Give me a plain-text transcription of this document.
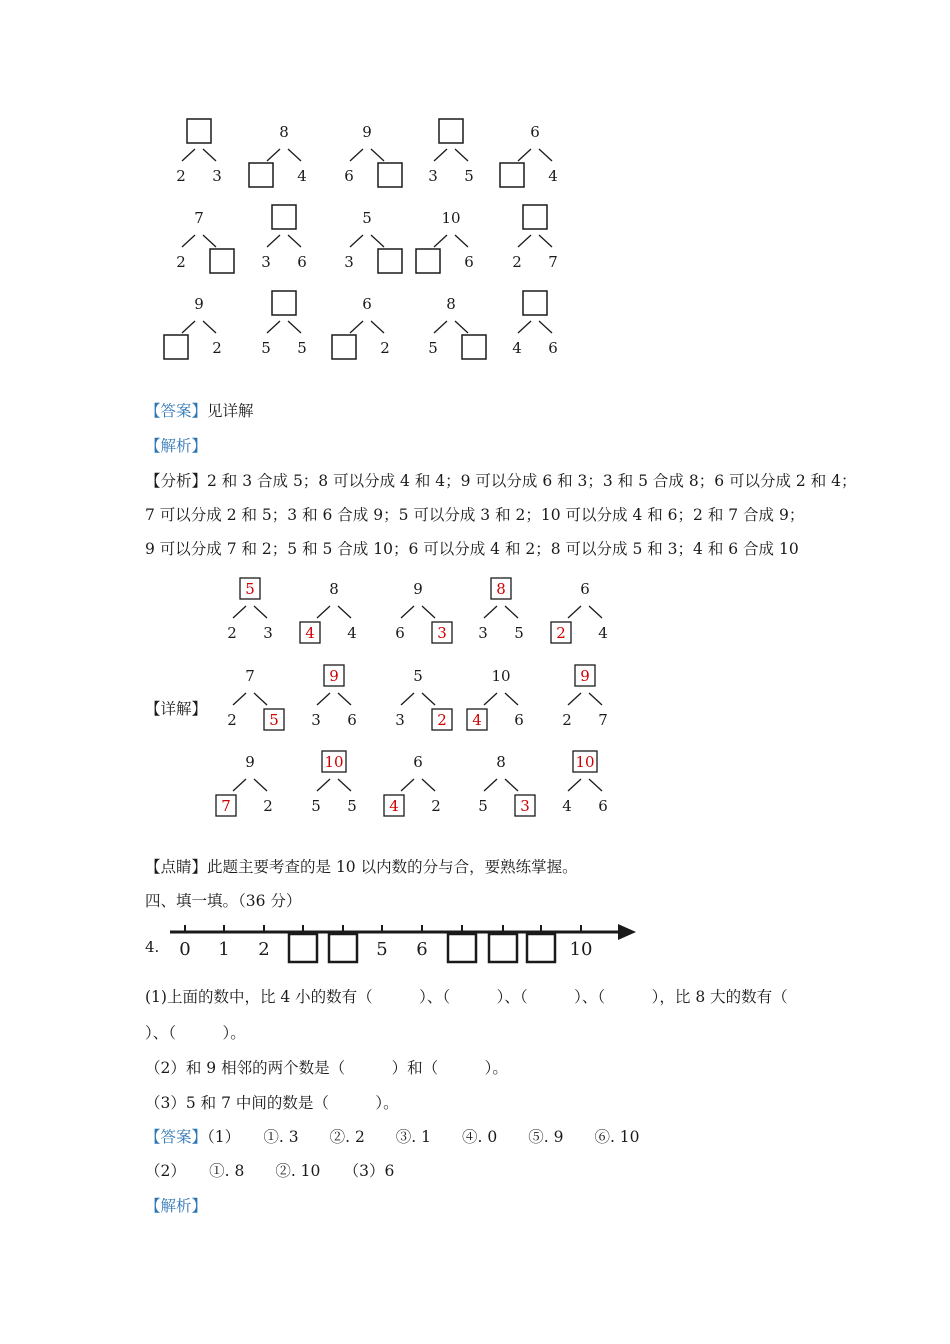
2 3
8
4
9
6	3 5
6
4
7
2	3 6
5
3
10
6	2 7
9
2	5 5
6
2
8
5	4 6
【答案】见详解
【解析】
【分析】2 和 3 合成 5；8 可以分成 4 和 4；9 可以分成 6 和 3；3 和 5 合成 8；6 可以分成 2 和 4；
7 可以分成 2 和 5；3 和 6 合成 9；5 可以分成 3 和 2；10 可以分成 4 和 6；2 和 7 合成 9；
9 可以分成 7 和 2；5 和 5 合成 10；6 可以分成 4 和 2；8 可以分成 5 和 3；4 和 6 合成 10
【详解】
5
2 3
8
4 4
9
6 3
8
3 5
6
2 4
7
2 5
9
3 6
5
3 2
10
4 6
9
2 7
9
7 2
10
5 5
6
4 2
8
5 3
10
4 6
【点睛】此题主要考查的是 10 以内数的分与合，要熟练掌握。
四、填一填。（36 分）
4. 0 1 2	5 6	10
(1)上面的数中，比 4 小的数有（　　　）、（　　　）、（　　　）、（　　　），比 8 大的数有（
）、（　　　）。
（2）和 9 相邻的两个数是（　　　）和（　　　）。
（3）5 和 7 中间的数是（　　　）。
【答案】（1）　　①. 3　　②. 2　　③. 1　　④. 0　　⑤. 9　　⑥. 10
（2）　　①. 8　　②. 10　　（3）6
【解析】
